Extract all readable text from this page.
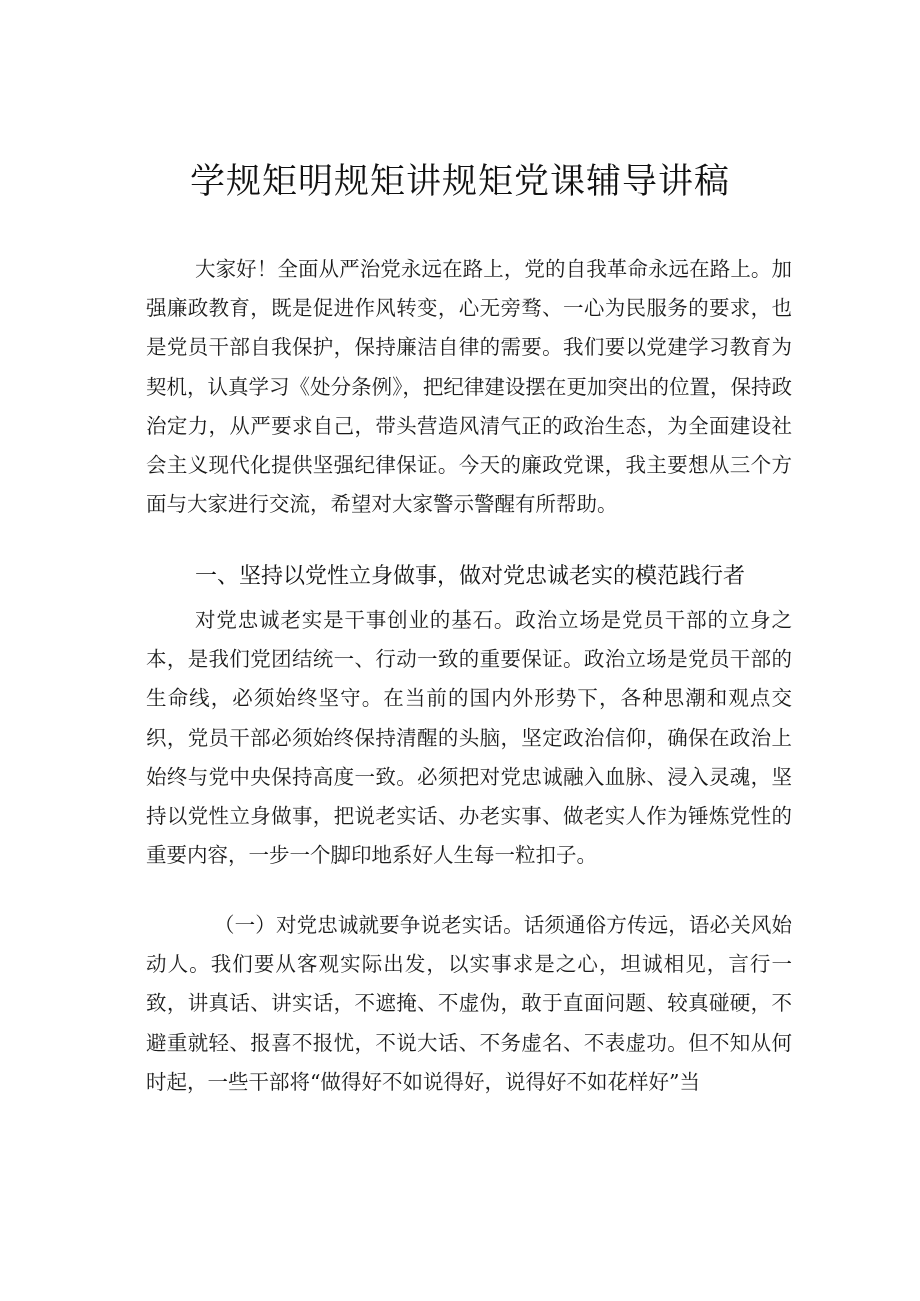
学规矩明规矩讲规矩党课辅导讲稿

大家好！全面从严治党永远在路上，党的自我革命永远在路上。加强廉政教育，既是促进作风转变，心无旁骛、一心为民服务的要求，也是党员干部自我保护，保持廉洁自律的需要。我们要以党建学习教育为契机，认真学习《处分条例》，把纪律建设摆在更加突出的位置，保持政治定力，从严要求自己，带头营造风清气正的政治生态，为全面建设社会主义现代化提供坚强纪律保证。今天的廉政党课，我主要想从三个方面与大家进行交流，希望对大家警示警醒有所帮助。

一、坚持以党性立身做事，做对党忠诚老实的模范践行者

对党忠诚老实是干事创业的基石。政治立场是党员干部的立身之本，是我们党团结统一、行动一致的重要保证。政治立场是党员干部的生命线，必须始终坚守。在当前的国内外形势下，各种思潮和观点交织，党员干部必须始终保持清醒的头脑，坚定政治信仰，确保在政治上始终与党中央保持高度一致。必须把对党忠诚融入血脉、浸入灵魂，坚持以党性立身做事，把说老实话、办老实事、做老实人作为锤炼党性的重要内容，一步一个脚印地系好人生每一粒扣子。

（一）对党忠诚就要争说老实话。话须通俗方传远，语必关风始动人。我们要从客观实际出发，以实事求是之心，坦诚相见，言行一致，讲真话、讲实话，不遮掩、不虚伪，敢于直面问题、较真碰硬，不避重就轻、报喜不报忧，不说大话、不务虚名、不表虚功。但不知从何时起，一些干部将“做得好不如说得好，说得好不如花样好”当
